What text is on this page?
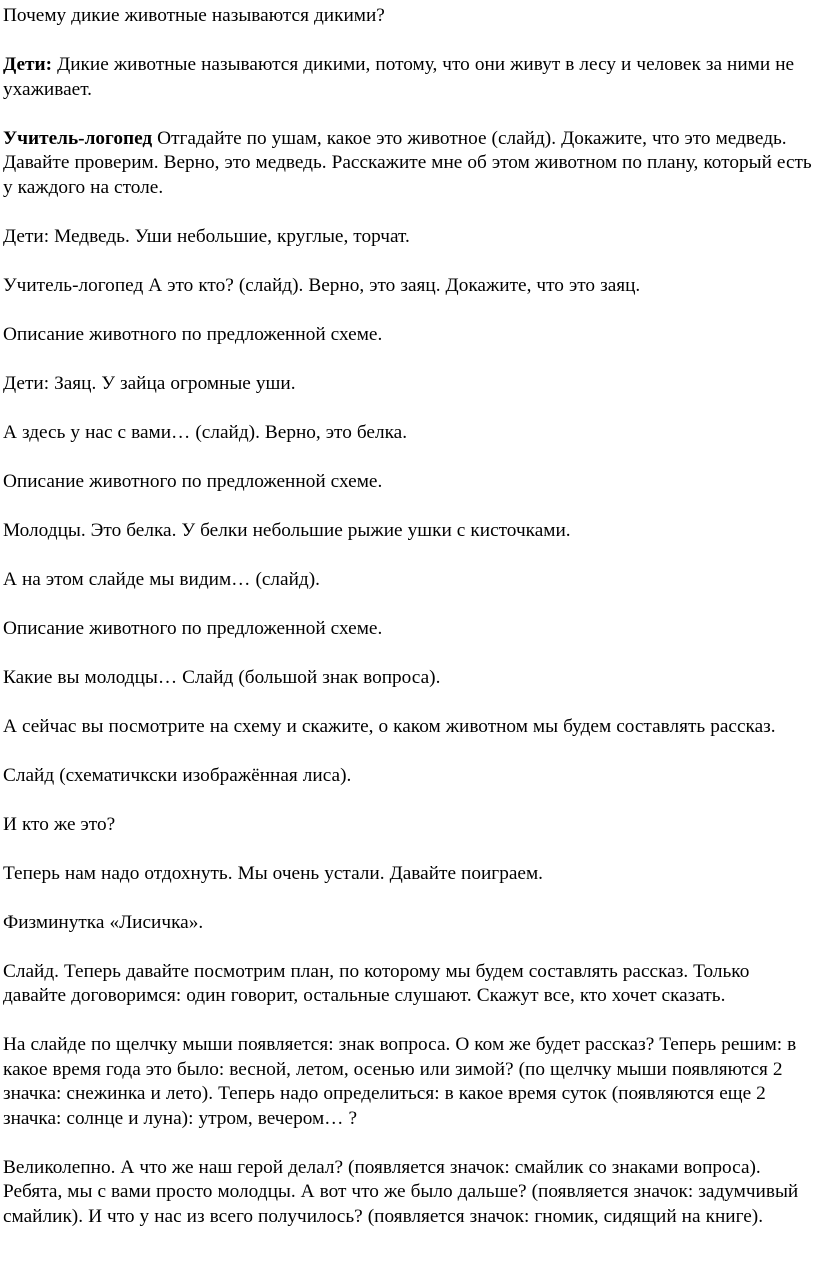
Почему дикие животные называются дикими?

Дети: Дикие животные называются дикими, потому, что они живут в лесу и человек за ними не ухаживает.

Учитель-логопед Отгадайте по ушам, какое это животное (слайд). Докажите, что это медведь. Давайте проверим. Верно, это медведь. Расскажите мне об этом животном по плану, который есть у каждого на столе.

Дети: Медведь. Уши небольшие, круглые, торчат.

Учитель-логопед А это кто? (слайд). Верно, это заяц. Докажите, что это заяц.

Описание животного по предложенной схеме.

Дети: Заяц. У зайца огромные уши.

А здесь у нас с вами… (слайд). Верно, это белка.

Описание животного по предложенной схеме.

Молодцы. Это белка. У белки небольшие рыжие ушки с кисточками.

А на этом слайде мы видим… (слайд).

Описание животного по предложенной схеме.

Какие вы молодцы… Слайд (большой знак вопроса).

А сейчас вы посмотрите на схему и скажите, о каком животном мы будем составлять рассказ.

Слайд (схематичкски изображённая лиса).

И кто же это?

Теперь нам надо отдохнуть. Мы очень устали. Давайте поиграем.

Физминутка «Лисичка».

Слайд. Теперь давайте посмотрим план, по которому мы будем составлять рассказ. Только давайте договоримся: один говорит, остальные слушают. Скажут все, кто хочет сказать.

На слайде по щелчку мыши появляется: знак вопроса. О ком же будет рассказ? Теперь решим: в какое время года это было: весной, летом, осенью или зимой? (по щелчку мыши появляются 2 значка: снежинка и лето). Теперь надо определиться: в какое время суток (появляются еще 2 значка: солнце и луна): утром, вечером… ?

Великолепно. А что же наш герой делал? (появляется значок: смайлик со знаками вопроса). Ребята, мы с вами просто молодцы. А вот что же было дальше? (появляется значок: задумчивый смайлик). И что у нас из всего получилось? (появляется значок: гномик, сидящий на книге).
